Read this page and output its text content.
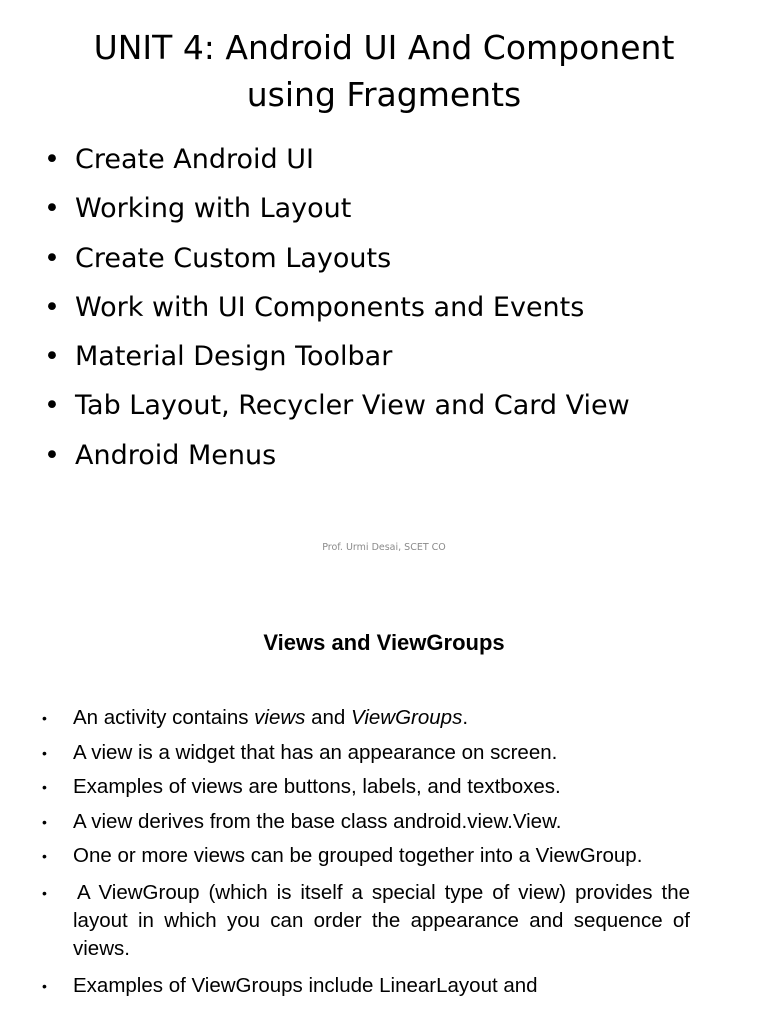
UNIT 4: Android UI And Component
using Fragments
• Create Android UI
• Working with Layout
• Create Custom Layouts
• Work with UI Components and Events
• Material Design Toolbar
• Tab Layout, Recycler View and Card View
• Android Menus
Prof. Urmi Desai, SCET CO
Views and ViewGroups
• An activity contains views and ViewGroups.
• A view is a widget that has an appearance on screen.
• Examples of views are buttons, labels, and textboxes.
• A view derives from the base class android.view.View.
• One or more views can be grouped together into a ViewGroup.
• A ViewGroup (which is itself a special type of view) provides the layout in which you can order the appearance and sequence of views.
• Examples of ViewGroups include LinearLayout and
